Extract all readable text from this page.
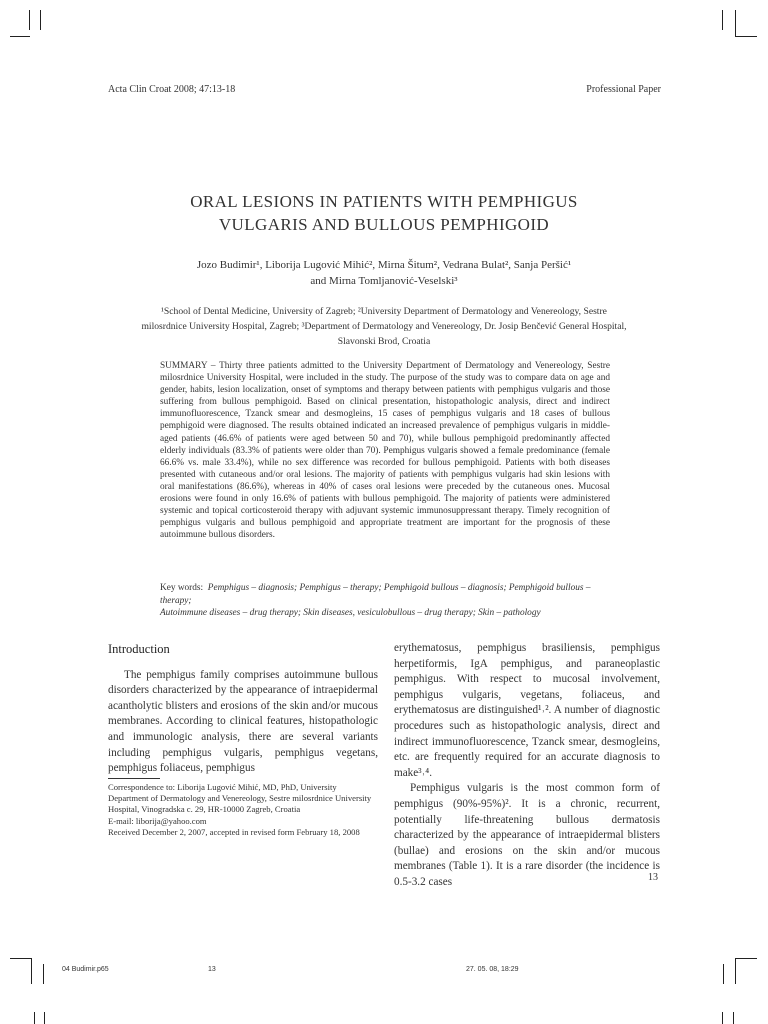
Acta Clin Croat 2008; 47:13-18	Professional Paper
ORAL LESIONS IN PATIENTS WITH PEMPHIGUS
VULGARIS AND BULLOUS PEMPHIGOID
Jozo Budimir¹, Liborija Lugović Mihić², Mirna Šitum², Vedrana Bulat², Sanja Peršić¹
and Mirna Tomljanović-Veselski³
¹School of Dental Medicine, University of Zagreb; ²University Department of Dermatology and Venereology, Sestre
milosrdnice University Hospital, Zagreb; ³Department of Dermatology and Venereology, Dr. Josip Benčević General Hospital,
Slavonski Brod, Croatia
SUMMARY – Thirty three patients admitted to the University Department of Dermatology and Venereology, Sestre milosrdnice University Hospital, were included in the study. The purpose of the study was to compare data on age and gender, habits, lesion localization, onset of symptoms and therapy between patients with pemphigus vulgaris and those suffering from bullous pemphigoid. Based on clinical presentation, histopathologic analysis, direct and indirect immunofluorescence, Tzanck smear and desmogleins, 15 cases of pemphigus vulgaris and 18 cases of bullous pemphigoid were diagnosed. The results obtained indicated an increased prevalence of pemphigus vulgaris in middle-aged patients (46.6% of patients were aged between 50 and 70), while bullous pemphigoid predominantly affected elderly individuals (83.3% of patients were older than 70). Pemphigus vulgaris showed a female predominance (female 66.6% vs. male 33.4%), while no sex difference was recorded for bullous pemphigoid. Patients with both diseases presented with cutaneous and/or oral lesions. The majority of patients with pemphigus vulgaris had skin lesions with oral manifestations (86.6%), whereas in 40% of cases oral lesions were preceded by the cutaneous ones. Mucosal erosions were found in only 16.6% of patients with bullous pemphigoid. The majority of patients were administered systemic and topical corticosteroid therapy with adjuvant systemic immunosuppressant therapy. Timely recognition of pemphigus vulgaris and bullous pemphigoid and appropriate treatment are important for the prognosis of these autoimmune bullous disorders.
Key words: Pemphigus – diagnosis; Pemphigus – therapy; Pemphigoid bullous – diagnosis; Pemphigoid bullous – therapy;
Autoimmune diseases – drug therapy; Skin diseases, vesiculobullous – drug therapy; Skin – pathology
Introduction

The pemphigus family comprises autoimmune bullous disorders characterized by the appearance of intraepidermal acantholytic blisters and erosions of the skin and/or mucous membranes. According to clinical features, histopathologic and immunologic analysis, there are several variants including pemphigus vulgaris, pemphigus vegetans, pemphigus foliaceus, pemphigus

Correspondence to: Liborija Lugović Mihić, MD, PhD, University Department of Dermatology and Venereology, Sestre milosrdnice University Hospital, Vinogradska c. 29, HR-10000 Zagreb, Croatia

E-mail: liborija@yahoo.com

Received December 2, 2007, accepted in revised form February 18, 2008

erythematosus, pemphigus brasiliensis, pemphigus herpetiformis, IgA pemphigus, and paraneoplastic pemphigus. With respect to mucosal involvement, pemphigus vulgaris, vegetans, foliaceus, and erythematosus are distinguished¹˒². A number of diagnostic procedures such as histopathologic analysis, direct and indirect immunofluorescence, Tzanck smear, desmogleins, etc. are frequently required for an accurate diagnosis to make³˒⁴.

Pemphigus vulgaris is the most common form of pemphigus (90%-95%)². It is a chronic, recurrent, potentially life-threatening bullous dermatosis characterized by the appearance of intraepidermal blisters (bullae) and erosions on the skin and/or mucous membranes (Table 1). It is a rare disorder (the incidence is 0.5-3.2 cases	13
04 Budimir.p65	13	27. 05. 08, 18:29
